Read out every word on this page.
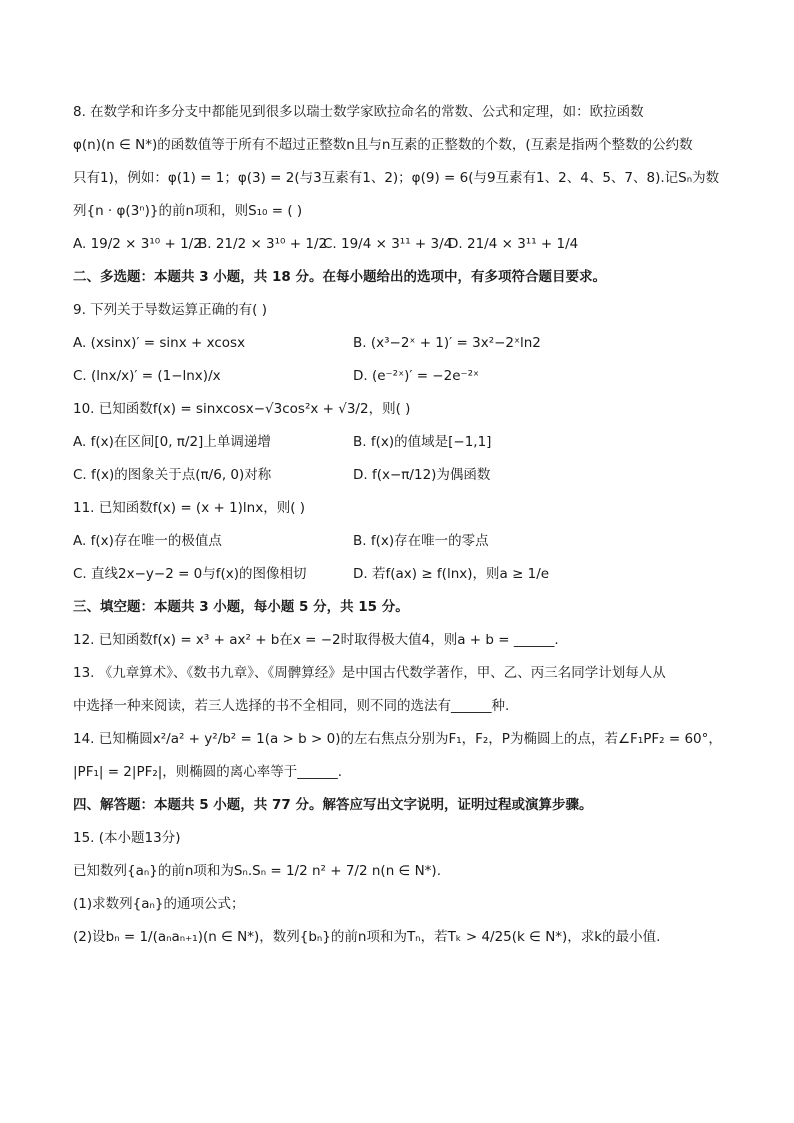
8. 在数学和许多分支中都能见到很多以瑞士数学家欧拉命名的常数、公式和定理，如：欧拉函数
φ(n)(n ∈ N*)的函数值等于所有不超过正整数n且与n互素的正整数的个数，(互素是指两个整数的公约数
只有1)，例如：φ(1) = 1；φ(3) = 2(与3互素有1、2)；φ(9) = 6(与9互素有1、2、4、5、7、8).记Sₙ为数
列{n · φ(3ⁿ)}的前n项和，则S₁₀ = ( )
A. 19/2 × 3¹⁰ + 1/2
B. 21/2 × 3¹⁰ + 1/2
C. 19/4 × 3¹¹ + 3/4
D. 21/4 × 3¹¹ + 1/4
二、多选题：本题共 3 小题，共 18 分。在每小题给出的选项中，有多项符合题目要求。
9. 下列关于导数运算正确的有( )
A. (xsinx)′ = sinx + xcosx	B. (x³−2ˣ + 1)′ = 3x²−2ˣln2
C. (lnx/x)′ = (1−lnx)/x	D. (e⁻²ˣ)′ = −2e⁻²ˣ
10. 已知函数f(x) = sinxcosx−√3cos²x + √3/2，则( )
A. f(x)在区间[0, π/2]上单调递增	B. f(x)的值域是[−1,1]
C. f(x)的图象关于点(π/6, 0)对称	D. f(x−π/12)为偶函数
11. 已知函数f(x) = (x + 1)lnx，则( )
A. f(x)存在唯一的极值点	B. f(x)存在唯一的零点
C. 直线2x−y−2 = 0与f(x)的图像相切	D. 若f(ax) ≥ f(lnx)，则a ≥ 1/e
三、填空题：本题共 3 小题，每小题 5 分，共 15 分。
12. 已知函数f(x) = x³ + ax² + b在x = −2时取得极大值4，则a + b = ______.
13. 《九章算术》、《数书九章》、《周髀算经》是中国古代数学著作，甲、乙、丙三名同学计划每人从
中选择一种来阅读，若三人选择的书不全相同，则不同的选法有______种.
14. 已知椭圆x²/a² + y²/b² = 1(a > b > 0)的左右焦点分别为F₁，F₂，P为椭圆上的点，若∠F₁PF₂ = 60°，
|PF₁| = 2|PF₂|，则椭圆的离心率等于______.
四、解答题：本题共 5 小题，共 77 分。解答应写出文字说明，证明过程或演算步骤。
15. (本小题13分)
已知数列{aₙ}的前n项和为Sₙ.Sₙ = 1/2 n² + 7/2 n(n ∈ N*).
(1)求数列{aₙ}的通项公式；
(2)设bₙ = 1/(aₙaₙ₊₁)(n ∈ N*)，数列{bₙ}的前n项和为Tₙ，若Tₖ > 4/25(k ∈ N*)，求k的最小值.
